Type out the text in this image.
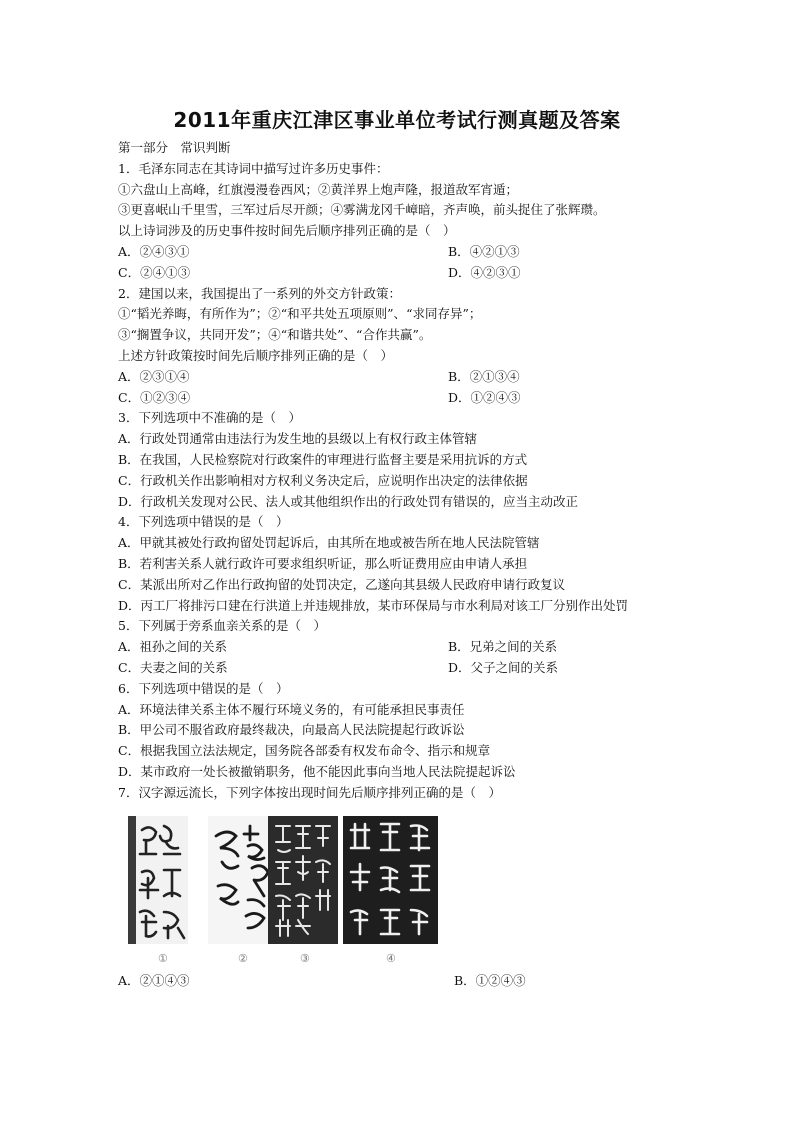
2011年重庆江津区事业单位考试行测真题及答案
第一部分　常识判断
1．毛泽东同志在其诗词中描写过许多历史事件：
①六盘山上高峰，红旗漫漫卷西风；②黄洋界上炮声隆，报道敌军宵遁；
③更喜岷山千里雪，三军过后尽开颜；④雾满龙冈千嶂暗，齐声唤，前头捉住了张辉瓒。
以上诗词涉及的历史事件按时间先后顺序排列正确的是（　）
A．②④③①	B．④②①③
C．②④①③	D．④②③①
2．建国以来，我国提出了一系列的外交方针政策：
①“韬光养晦，有所作为”；②“和平共处五项原则”、“求同存异”；
③“搁置争议，共同开发”；④“和谐共处”、“合作共赢”。
上述方针政策按时间先后顺序排列正确的是（　）
A．②③①④	B．②①③④
C．①②③④	D．①②④③
3．下列选项中不准确的是（　）
A．行政处罚通常由违法行为发生地的县级以上有权行政主体管辖
B．在我国，人民检察院对行政案件的审理进行监督主要是采用抗诉的方式
C．行政机关作出影响相对方权利义务决定后，应说明作出决定的法律依据
D．行政机关发现对公民、法人或其他组织作出的行政处罚有错误的，应当主动改正
4．下列选项中错误的是（　）
A．甲就其被处行政拘留处罚起诉后，由其所在地或被告所在地人民法院管辖
B．若利害关系人就行政许可要求组织听证，那么听证费用应由申请人承担
C．某派出所对乙作出行政拘留的处罚决定，乙遂向其县级人民政府申请行政复议
D．丙工厂将排污口建在行洪道上并违规排放，某市环保局与市水利局对该工厂分别作出处罚
5．下列属于旁系血亲关系的是（　）
A．祖孙之间的关系	B．兄弟之间的关系
C．夫妻之间的关系	D．父子之间的关系
6．下列选项中错误的是（　）
A．环境法律关系主体不履行环境义务的，有可能承担民事责任
B．甲公司不服省政府最终裁决，向最高人民法院提起行政诉讼
C．根据我国立法法规定，国务院各部委有权发布命令、指示和规章
D．某市政府一处长被撤销职务，他不能因此事向当地人民法院提起诉讼
7．汉字源远流长，下列字体按出现时间先后顺序排列正确的是（　）
①	②	③	④
A．②①④③	B．①②④③
